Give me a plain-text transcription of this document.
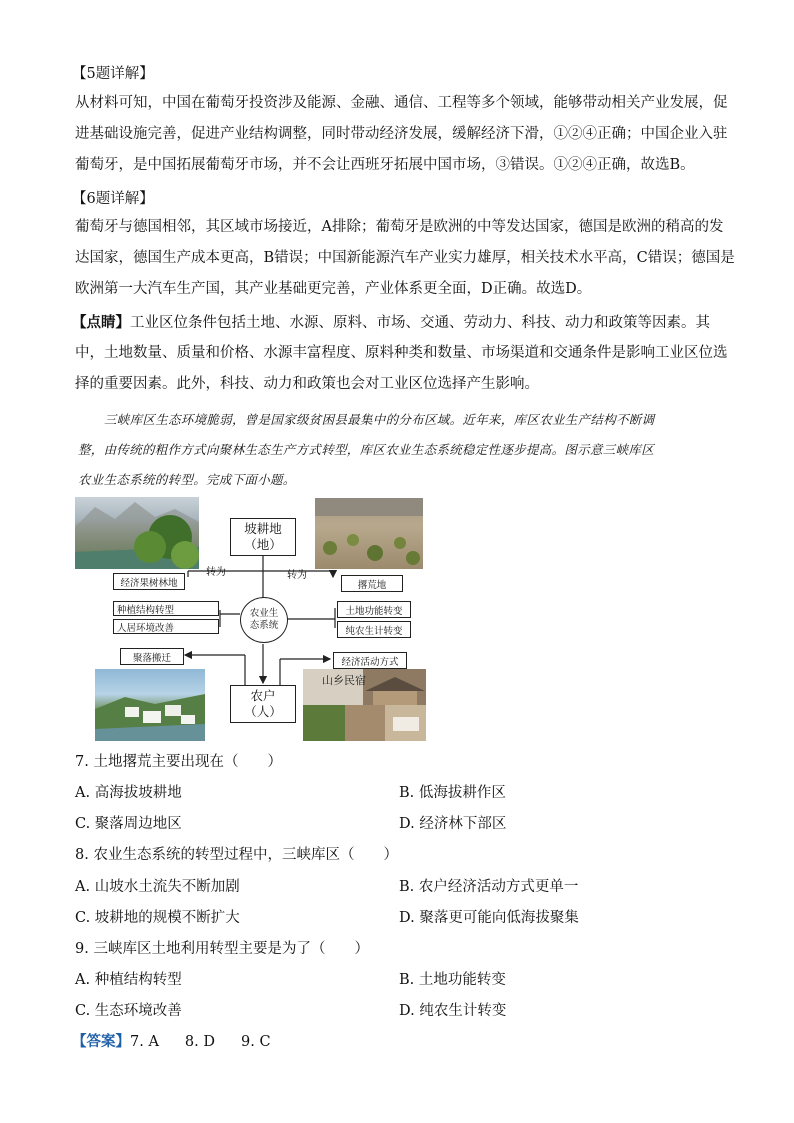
【5题详解】
从材料可知，中国在葡萄牙投资涉及能源、金融、通信、工程等多个领域，能够带动相关产业发展，促
进基础设施完善，促进产业结构调整，同时带动经济发展，缓解经济下滑，①②④正确；中国企业入驻
葡萄牙，是中国拓展葡萄牙市场，并不会让西班牙拓展中国市场，③错误。①②④正确，故选B。
【6题详解】
葡萄牙与德国相邻，其区域市场接近，A排除；葡萄牙是欧洲的中等发达国家，德国是欧洲的稍高的发
达国家，德国生产成本更高，B错误；中国新能源汽车产业实力雄厚，相关技术水平高，C错误；德国是
欧洲第一大汽车生产国，其产业基础更完善，产业体系更全面，D正确。故选D。
【点睛】工业区位条件包括土地、水源、原料、市场、交通、劳动力、科技、动力和政策等因素。其
中，土地数量、质量和价格、水源丰富程度、原料种类和数量、市场渠道和交通条件是影响工业区位选
择的重要因素。此外，科技、动力和政策也会对工业区位选择产生影响。
三峡库区生态环境脆弱，曾是国家级贫困县最集中的分布区域。近年来，库区农业生产结构不断调
整，由传统的粗作方式向聚林生态生产方式转型，库区农业生态系统稳定性逐步提高。图示意三峡库区
农业生态系统的转型。完成下面小题。
山乡民宿
坡耕地
（地）
转为	转为
经济果树林地
种植结构转型
人居环境改善
聚落搬迁
农业生
态系统
撂荒地
土地功能转变
纯农生计转变
经济活动方式
农户
（人）
7. 土地撂荒主要出现在（　　）
A. 高海拔坡耕地	B. 低海拔耕作区
C. 聚落周边地区	D. 经济林下部区
8. 农业生态系统的转型过程中，三峡库区（　　）
A. 山坡水土流失不断加剧	B. 农户经济活动方式更单一
C. 坡耕地的规模不断扩大	D. 聚落更可能向低海拔聚集
9. 三峡库区土地利用转型主要是为了（　　）
A. 种植结构转型	B. 土地功能转变
C. 生态环境改善	D. 纯农生计转变
【答案】7. A 8. D 9. C
